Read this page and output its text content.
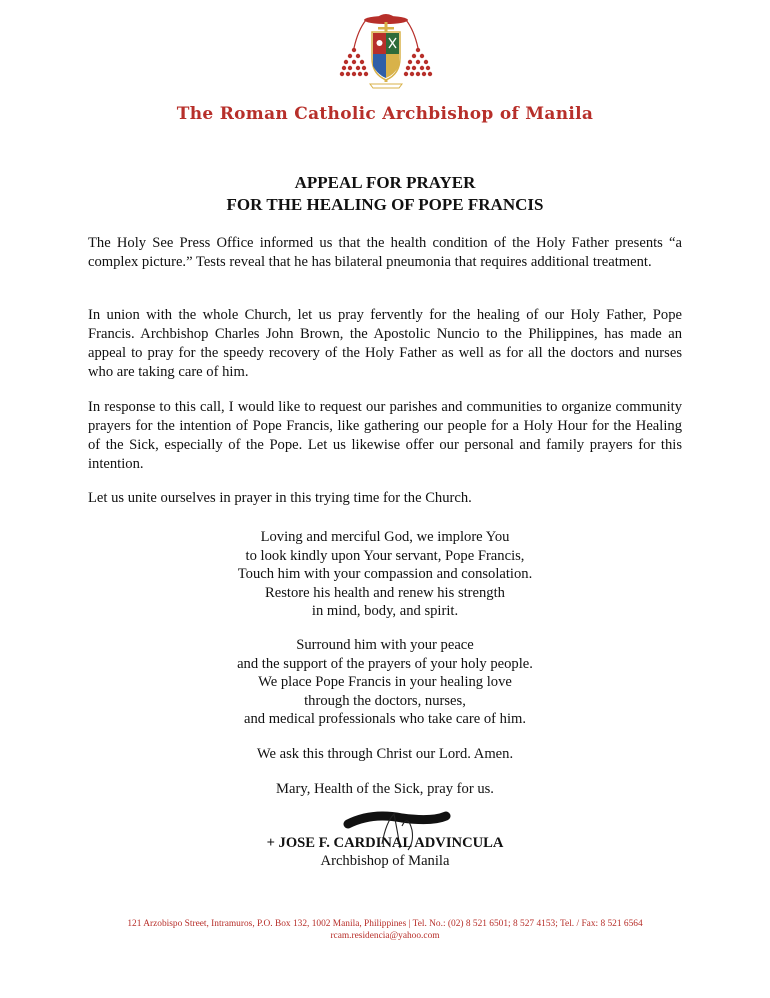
The Roman Catholic Archbishop of Manila
APPEAL FOR PRAYER
FOR THE HEALING OF POPE FRANCIS
The Holy See Press Office informed us that the health condition of the Holy Father presents “a complex picture.” Tests reveal that he has bilateral pneumonia that requires additional treatment.
In union with the whole Church, let us pray fervently for the healing of our Holy Father, Pope Francis. Archbishop Charles John Brown, the Apostolic Nuncio to the Philippines, has made an appeal to pray for the speedy recovery of the Holy Father as well as for all the doctors and nurses who are taking care of him.
In response to this call, I would like to request our parishes and communities to organize community prayers for the intention of Pope Francis, like gathering our people for a Holy Hour for the Healing of the Sick, especially of the Pope. Let us likewise offer our personal and family prayers for this intention.
Let us unite ourselves in prayer in this trying time for the Church.
Loving and merciful God, we implore You
to look kindly upon Your servant, Pope Francis,
Touch him with your compassion and consolation.
Restore his health and renew his strength
in mind, body, and spirit.
Surround him with your peace
and the support of the prayers of your holy people.
We place Pope Francis in your healing love
through the doctors, nurses,
and medical professionals who take care of him.
We ask this through Christ our Lord. Amen.
Mary, Health of the Sick, pray for us.
+ JOSE F. CARDINAL ADVINCULA
Archbishop of Manila
121 Arzobispo Street, Intramuros, P.O. Box 132, 1002 Manila, Philippines | Tel. No.: (02) 8 521 6501; 8 527 4153; Tel. / Fax: 8 521 6564
rcam.residencia@yahoo.com
